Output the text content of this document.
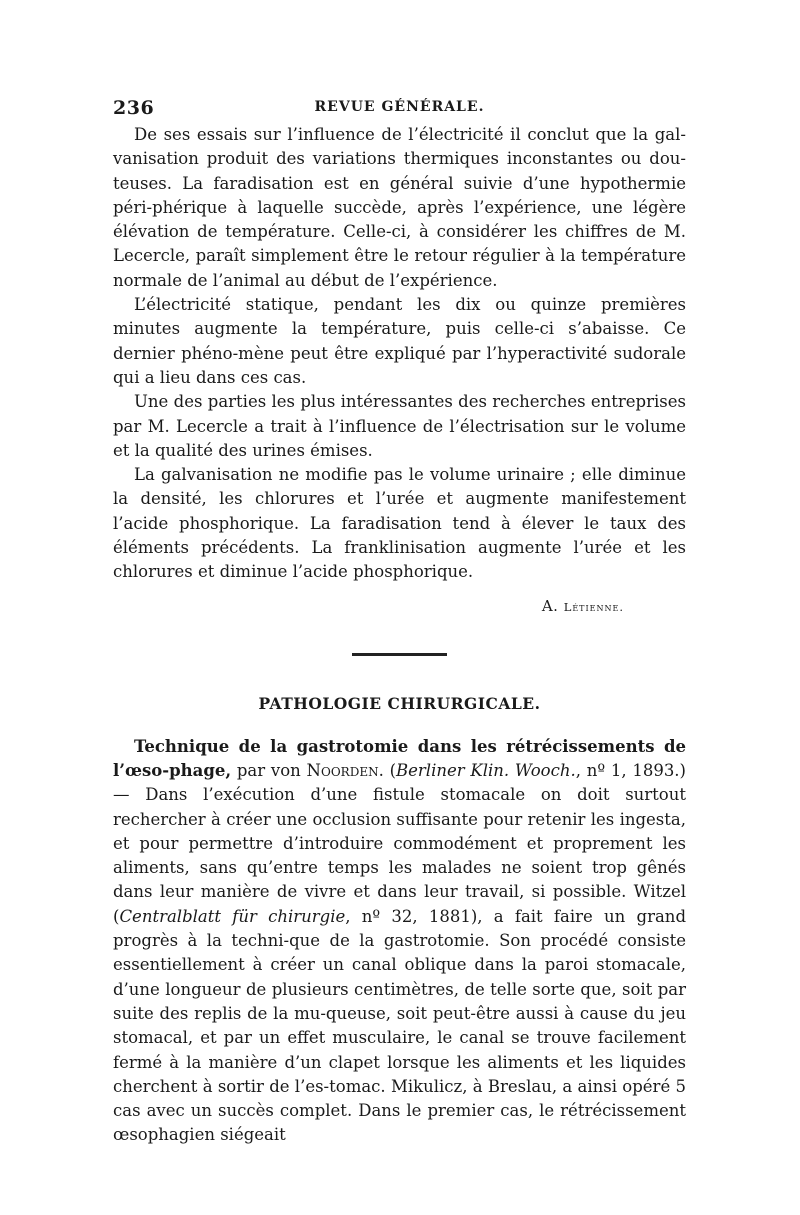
236	REVUE GÉNÉRALE.

De ses essais sur l’influence de l’électricité il conclut que la gal-vanisation produit des variations thermiques inconstantes ou dou-teuses. La faradisation est en général suivie d’une hypothermie péri-phérique à laquelle succède, après l’expérience, une légère élévation de température. Celle-ci, à considérer les chiffres de M. Lecercle, paraît simplement être le retour régulier à la température normale de l’animal au début de l’expérience.

L’électricité statique, pendant les dix ou quinze premières minutes augmente la température, puis celle-ci s’abaisse. Ce dernier phéno-mène peut être expliqué par l’hyperactivité sudorale qui a lieu dans ces cas.

Une des parties les plus intéressantes des recherches entreprises par M. Lecercle a trait à l’influence de l’électrisation sur le volume et la qualité des urines émises.

La galvanisation ne modifie pas le volume urinaire ; elle diminue la densité, les chlorures et l’urée et augmente manifestement l’acide phosphorique. La faradisation tend à élever le taux des éléments précédents. La franklinisation augmente l’urée et les chlorures et diminue l’acide phosphorique.

A. Létienne.
PATHOLOGIE CHIRURGICALE.

Technique de la gastrotomie dans les rétrécissements de l’œso-phage, par von Noorden. (Berliner Klin. Wooch., nº 1, 1893.) — Dans l’exécution d’une fistule stomacale on doit surtout rechercher à créer une occlusion suffisante pour retenir les ingesta, et pour permettre d’introduire commodément et proprement les aliments, sans qu’entre temps les malades ne soient trop gênés dans leur manière de vivre et dans leur travail, si possible. Witzel (Centralblatt für chirurgie, nº 32, 1881), a fait faire un grand progrès à la techni-que de la gastrotomie. Son procédé consiste essentiellement à créer un canal oblique dans la paroi stomacale, d’une longueur de plusieurs centimètres, de telle sorte que, soit par suite des replis de la mu-queuse, soit peut-être aussi à cause du jeu stomacal, et par un effet musculaire, le canal se trouve facilement fermé à la manière d’un clapet lorsque les aliments et les liquides cherchent à sortir de l’es-tomac. Mikulicz, à Breslau, a ainsi opéré 5 cas avec un succès complet. Dans le premier cas, le rétrécissement œsophagien siégeait
